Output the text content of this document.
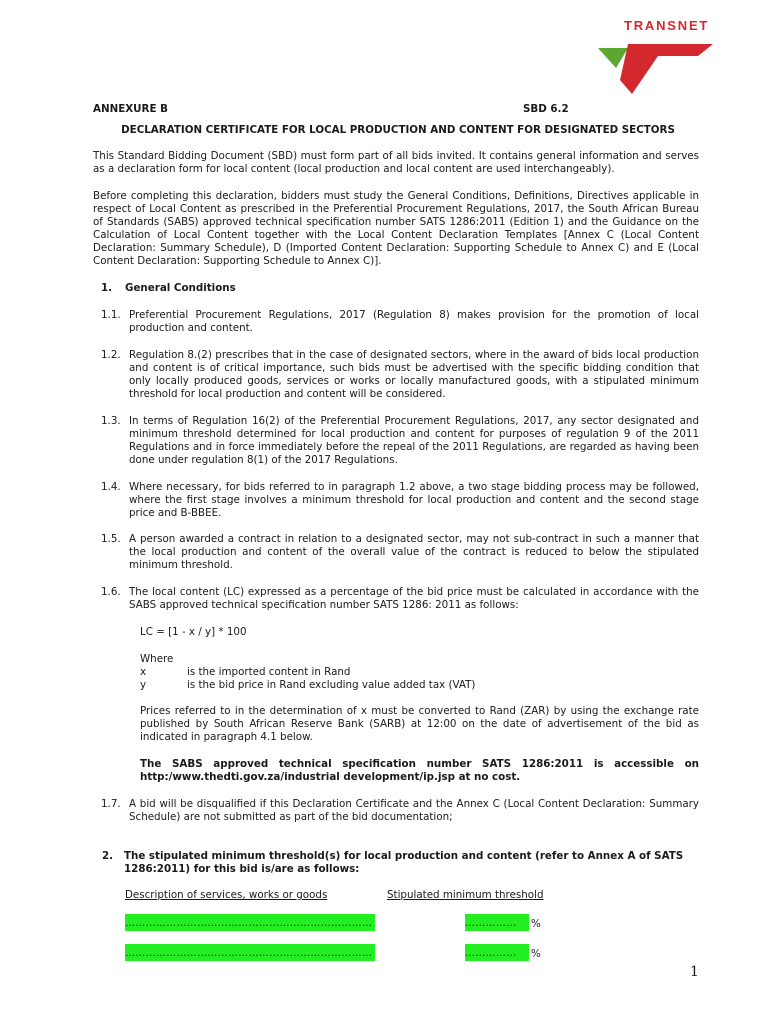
TRANSNET
ANNEXURE B	SBD 6.2
DECLARATION CERTIFICATE FOR LOCAL PRODUCTION AND CONTENT FOR DESIGNATED SECTORS
This Standard Bidding Document (SBD) must form part of all bids invited. It contains general information and serves as a declaration form for local content (local production and local content are used interchangeably).
Before completing this declaration, bidders must study the General Conditions, Definitions, Directives applicable in respect of Local Content as prescribed in the Preferential Procurement Regulations, 2017, the South African Bureau of Standards (SABS) approved technical specification number SATS 1286:2011 (Edition 1) and the Guidance on the Calculation of Local Content together with the Local Content Declaration Templates [Annex C (Local Content Declaration: Summary Schedule), D (Imported Content Declaration: Supporting Schedule to Annex C) and E (Local Content Declaration: Supporting Schedule to Annex C)].
1. General Conditions
1.1. Preferential Procurement Regulations, 2017 (Regulation 8) makes provision for the promotion of local production and content.
1.2. Regulation 8.(2) prescribes that in the case of designated sectors, where in the award of bids local production and content is of critical importance, such bids must be advertised with the specific bidding condition that only locally produced goods, services or works or locally manufactured goods, with a stipulated minimum threshold for local production and content will be considered.
1.3. In terms of Regulation 16(2) of the Preferential Procurement Regulations, 2017, any sector designated and minimum threshold determined for local production and content for purposes of regulation 9 of the 2011 Regulations and in force immediately before the repeal of the 2011 Regulations, are regarded as having been done under regulation 8(1) of the 2017 Regulations.
1.4. Where necessary, for bids referred to in paragraph 1.2 above, a two stage bidding process may be followed, where the first stage involves a minimum threshold for local production and content and the second stage price and B-BBEE.
1.5. A person awarded a contract in relation to a designated sector, may not sub-contract in such a manner that the local production and content of the overall value of the contract is reduced to below the stipulated minimum threshold.
1.6. The local content (LC) expressed as a percentage of the bid price must be calculated in accordance with the SABS approved technical specification number SATS 1286: 2011 as follows:
LC = [1 - x / y] * 100
Where
x	is the imported content in Rand
y	is the bid price in Rand excluding value added tax (VAT)
Prices referred to in the determination of x must be converted to Rand (ZAR) by using the exchange rate published by South African Reserve Bank (SARB) at 12:00 on the date of advertisement of the bid as indicated in paragraph 4.1 below.
The SABS approved technical specification number SATS 1286:2011 is accessible on http:/www.thedti.gov.za/industrial development/ip.jsp at no cost.
1.7. A bid will be disqualified if this Declaration Certificate and the Annex C (Local Content Declaration: Summary Schedule) are not submitted as part of the bid documentation;
2. The stipulated minimum threshold(s) for local production and content (refer to Annex A of SATS 1286:2011) for this bid is/are as follows:
Description of services, works or goods	Stipulated minimum threshold
………………………………………………………………	……………	%
………………………………………………………………	……………	%
1
